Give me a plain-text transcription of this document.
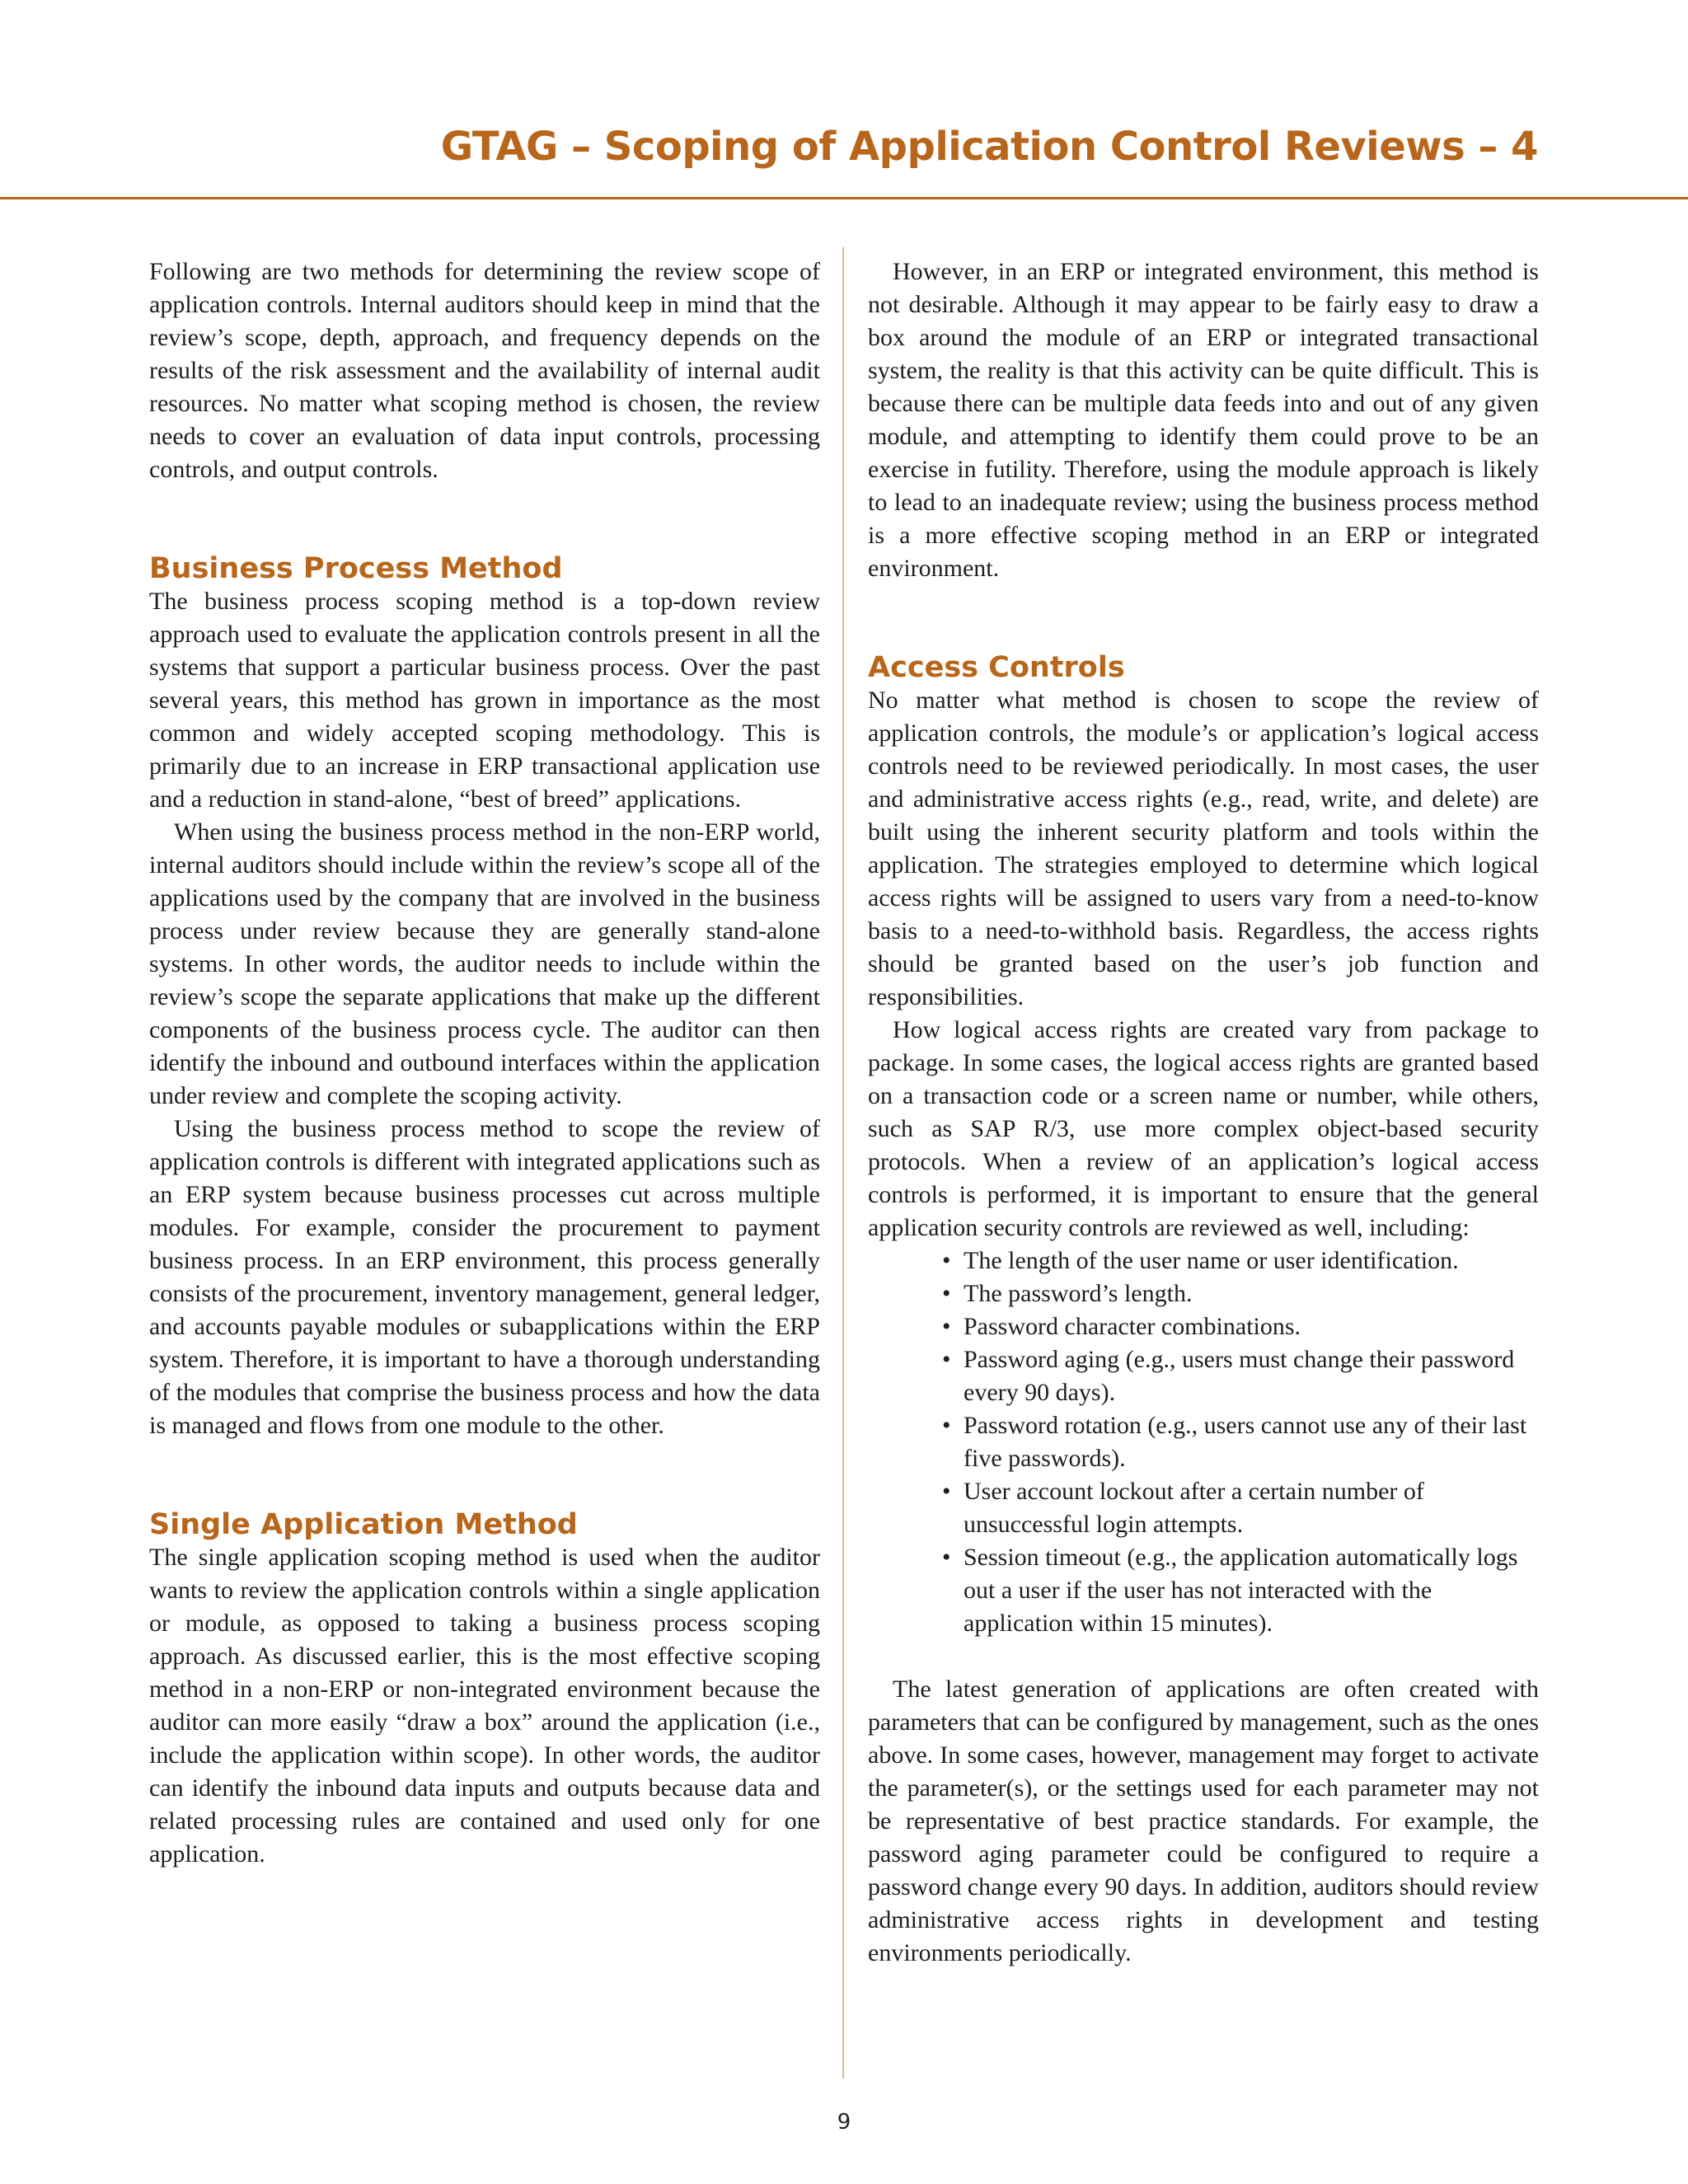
GTAG – Scoping of Application Control Reviews – 4

Following are two methods for determining the review scope of application controls. Internal auditors should keep in mind that the review’s scope, depth, approach, and frequency depends on the results of the risk assessment and the availability of internal audit resources. No matter what scoping method is chosen, the review needs to cover an evaluation of data input controls, processing controls, and output controls.

Business Process Method

The business process scoping method is a top-down review approach used to evaluate the application controls present in all the systems that support a particular business process. Over the past several years, this method has grown in importance as the most common and widely accepted scoping methodology. This is primarily due to an increase in ERP transactional application use and a reduction in stand-alone, “best of breed” applications.

When using the business process method in the non-ERP world, internal auditors should include within the review’s scope all of the applications used by the company that are involved in the business process under review because they are generally stand-alone systems. In other words, the auditor needs to include within the review’s scope the separate applications that make up the different components of the business process cycle. The auditor can then identify the inbound and outbound interfaces within the application under review and complete the scoping activity.

Using the business process method to scope the review of application controls is different with integrated applications such as an ERP system because business processes cut across multiple modules. For example, consider the procurement to payment business process. In an ERP environment, this process generally consists of the procurement, inventory management, general ledger, and accounts payable modules or subapplications within the ERP system. Therefore, it is important to have a thorough understanding of the modules that comprise the business process and how the data is managed and flows from one module to the other.

Single Application Method

The single application scoping method is used when the auditor wants to review the application controls within a single application or module, as opposed to taking a business process scoping approach. As discussed earlier, this is the most effective scoping method in a non-ERP or non-integrated environment because the auditor can more easily “draw a box” around the application (i.e., include the application within scope). In other words, the auditor can identify the inbound data inputs and outputs because data and related processing rules are contained and used only for one application.

However, in an ERP or integrated environment, this method is not desirable. Although it may appear to be fairly easy to draw a box around the module of an ERP or integrated transactional system, the reality is that this activity can be quite difficult. This is because there can be multiple data feeds into and out of any given module, and attempting to identify them could prove to be an exercise in futility. Therefore, using the module approach is likely to lead to an inadequate review; using the business process method is a more effective scoping method in an ERP or integrated environment.

Access Controls

No matter what method is chosen to scope the review of application controls, the module’s or application’s logical access controls need to be reviewed periodically. In most cases, the user and administrative access rights (e.g., read, write, and delete) are built using the inherent security platform and tools within the application. The strategies employed to determine which logical access rights will be assigned to users vary from a need-to-know basis to a need-to-withhold basis. Regardless, the access rights should be granted based on the user’s job function and responsibilities.

How logical access rights are created vary from package to package. In some cases, the logical access rights are granted based on a transaction code or a screen name or number, while others, such as SAP R/3, use more complex object-based security protocols. When a review of an application’s logical access controls is performed, it is important to ensure that the general application security controls are reviewed as well, including:

• The length of the user name or user identification.
• The password’s length.
• Password character combinations.
• Password aging (e.g., users must change their password every 90 days).
• Password rotation (e.g., users cannot use any of their last five passwords).
• User account lockout after a certain number of unsuccessful login attempts.
• Session timeout (e.g., the application automatically logs out a user if the user has not interacted with the application within 15 minutes).

The latest generation of applications are often created with parameters that can be configured by management, such as the ones above. In some cases, however, management may forget to activate the parameter(s), or the settings used for each parameter may not be representative of best practice standards. For example, the password aging parameter could be configured to require a password change every 90 days. In addition, auditors should review administrative access rights in development and testing environments periodically.

9
